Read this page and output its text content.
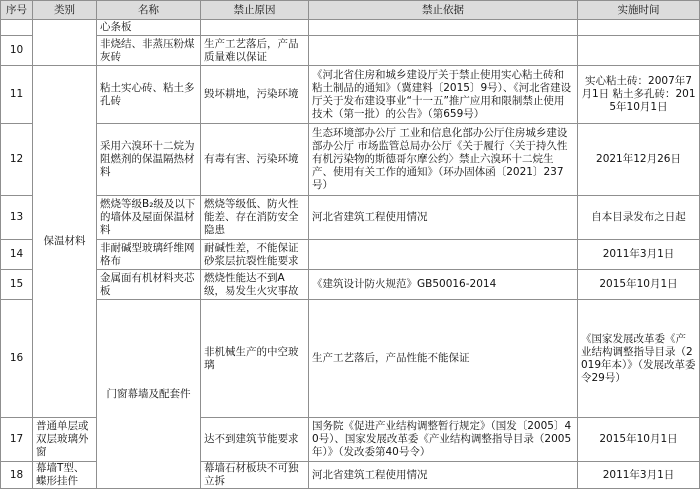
序号	类别	名称	禁止原因	禁止依据	实施时间	
		心条板				
10		非烧结、非蒸压粉煤灰砖	生产工艺落后，产品质量难以保证			
11	保温材料	粘土实心砖、粘土多孔砖	毁坏耕地，污染环境	《河北省住房和城乡建设厅关于禁止使用实心粘土砖和粘土制品的通知》（冀建料〔2015〕9号）、《河北省建设厅关于发布建设事业“十一五”推广应用和限制禁止使用技术（第一批）的公告》（第659号）	实心粘土砖：2007年7月1日 粘土多孔砖：2015年10月1日	
12		采用六溴环十二烷为阻燃剂的保温隔热材料	有毒有害、污染环境	生态环境部办公厅 工业和信息化部办公厅住房城乡建设部办公厅 市场监管总局办公厅《关于履行〈关于持久性有机污染物的斯德哥尔摩公约〉禁止六溴环十二烷生产、使用有关工作的通知》（环办固体函〔2021〕237号）	2021年12月26日	
13		燃烧等级B₂级及以下的墙体及屋面保温材料	燃烧等级低、防火性能差、存在消防安全隐患	河北省建筑工程使用情况	自本目录发布之日起	
14		非耐碱型玻璃纤维网格布	耐碱性差，不能保证砂浆层抗裂性能要求		2011年3月1日	
15		金属面有机材料夹芯板	燃烧性能达不到A级，易发生火灾事故	《建筑设计防火规范》GB50016-2014	2015年10月1日	
16		门窗幕墙及配套件	非机械生产的中空玻璃	生产工艺落后，产品性能不能保证	《国家发展改革委《产业结构调整指导目录（2019年本）》（发展改革委令29号）	
17	普通单层或双层玻璃外窗		达不到建筑节能要求	国务院《促进产业结构调整暂行规定》（国发〔2005〕40号）、国家发展改革委《产业结构调整指导目录（2005年）》（发改委第40号令）	2015年10月1日	
18	幕墙T型、蝶形挂件		幕墙石材板块不可独立拆	河北省建筑工程使用情况	2011年3月1日	
